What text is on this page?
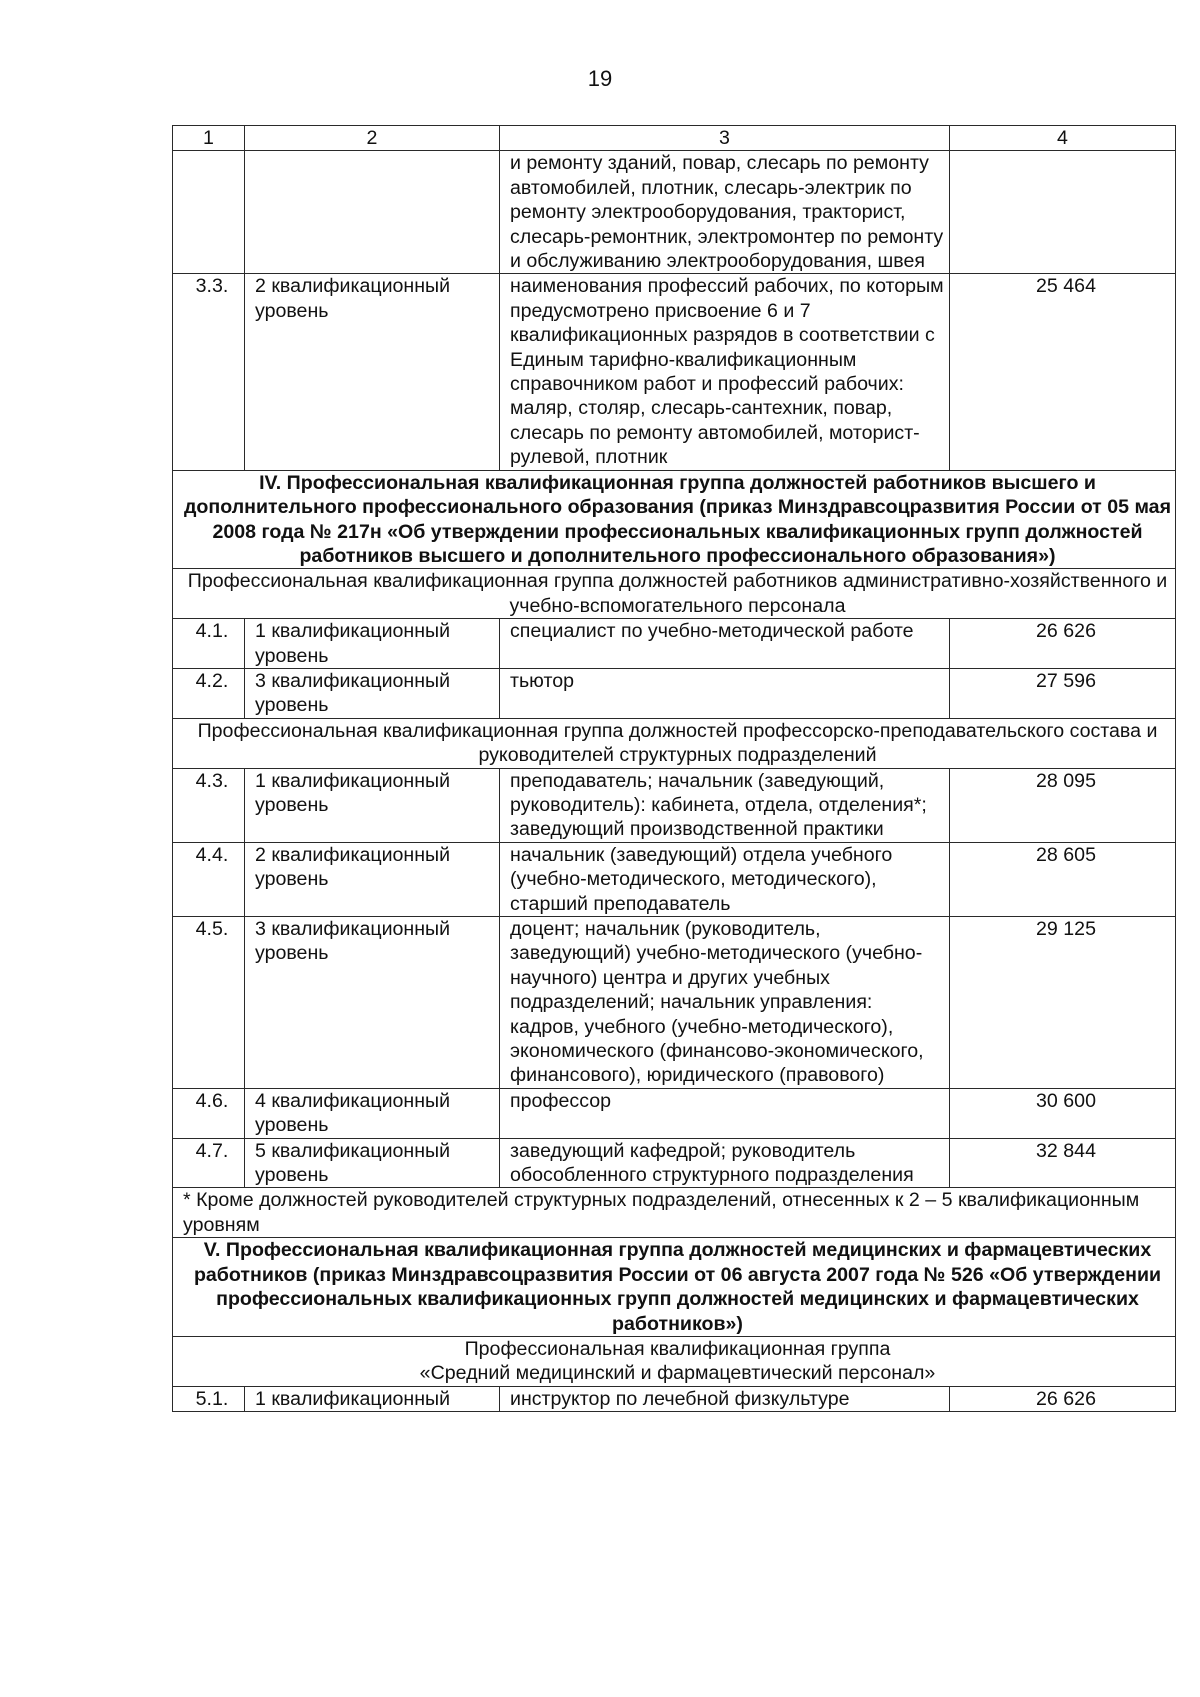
19
1	2	3	4
		и ремонту зданий, повар, слесарь по ремонту автомобилей, плотник, слесарь-электрик по ремонту электрооборудования, тракторист, слесарь-ремонтник, электромонтер по ремонту и обслуживанию электрооборудования, швея	
3.3.	2 квалификационный уровень	наименования профессий рабочих, по которым предусмотрено присвоение 6 и 7 квалификационных разрядов в соответствии с Единым тарифно-квалификационным справочником работ и профессий рабочих: маляр, столяр, слесарь-сантехник, повар, слесарь по ремонту автомобилей, моторист-рулевой, плотник	25 464
IV. Профессиональная квалификационная группа должностей работников высшего и дополнительного профессионального образования (приказ Минздравсоцразвития России от 05 мая 2008 года № 217н «Об утверждении профессиональных квалификационных групп должностей работников высшего и дополнительного профессионального образования»)			
Профессиональная квалификационная группа должностей работников административно-хозяйственного и учебно-вспомогательного персонала			
4.1.	1 квалификационный уровень	специалист по учебно-методической работе	26 626
4.2.	3 квалификационный уровень	тьютор	27 596
Профессиональная квалификационная группа должностей профессорско-преподавательского состава и руководителей структурных подразделений			
4.3.	1 квалификационный уровень	преподаватель; начальник (заведующий, руководитель): кабинета, отдела, отделения*; заведующий производственной практики	28 095
4.4.	2 квалификационный уровень	начальник (заведующий) отдела учебного (учебно-методического, методического), старший преподаватель	28 605
4.5.	3 квалификационный уровень	доцент; начальник (руководитель, заведующий) учебно-методического (учебно-научного) центра и других учебных подразделений; начальник управления: кадров, учебного (учебно-методического), экономического (финансово-экономического, финансового), юридического (правового)	29 125
4.6.	4 квалификационный уровень	профессор	30 600
4.7.	5 квалификационный уровень	заведующий кафедрой; руководитель обособленного структурного подразделения	32 844
* Кроме должностей руководителей структурных подразделений, отнесенных к 2 – 5 квалификационным уровням			
V. Профессиональная квалификационная группа должностей медицинских и фармацевтических работников (приказ Минздравсоцразвития России от 06 августа 2007 года № 526 «Об утверждении профессиональных квалификационных групп должностей медицинских и фармацевтических работников»)			

Профессиональная квалификационная группа
«Средний медицинский и фармацевтический персонал»			

5.1.	1 квалификационный	инструктор по лечебной физкультуре	26 626
